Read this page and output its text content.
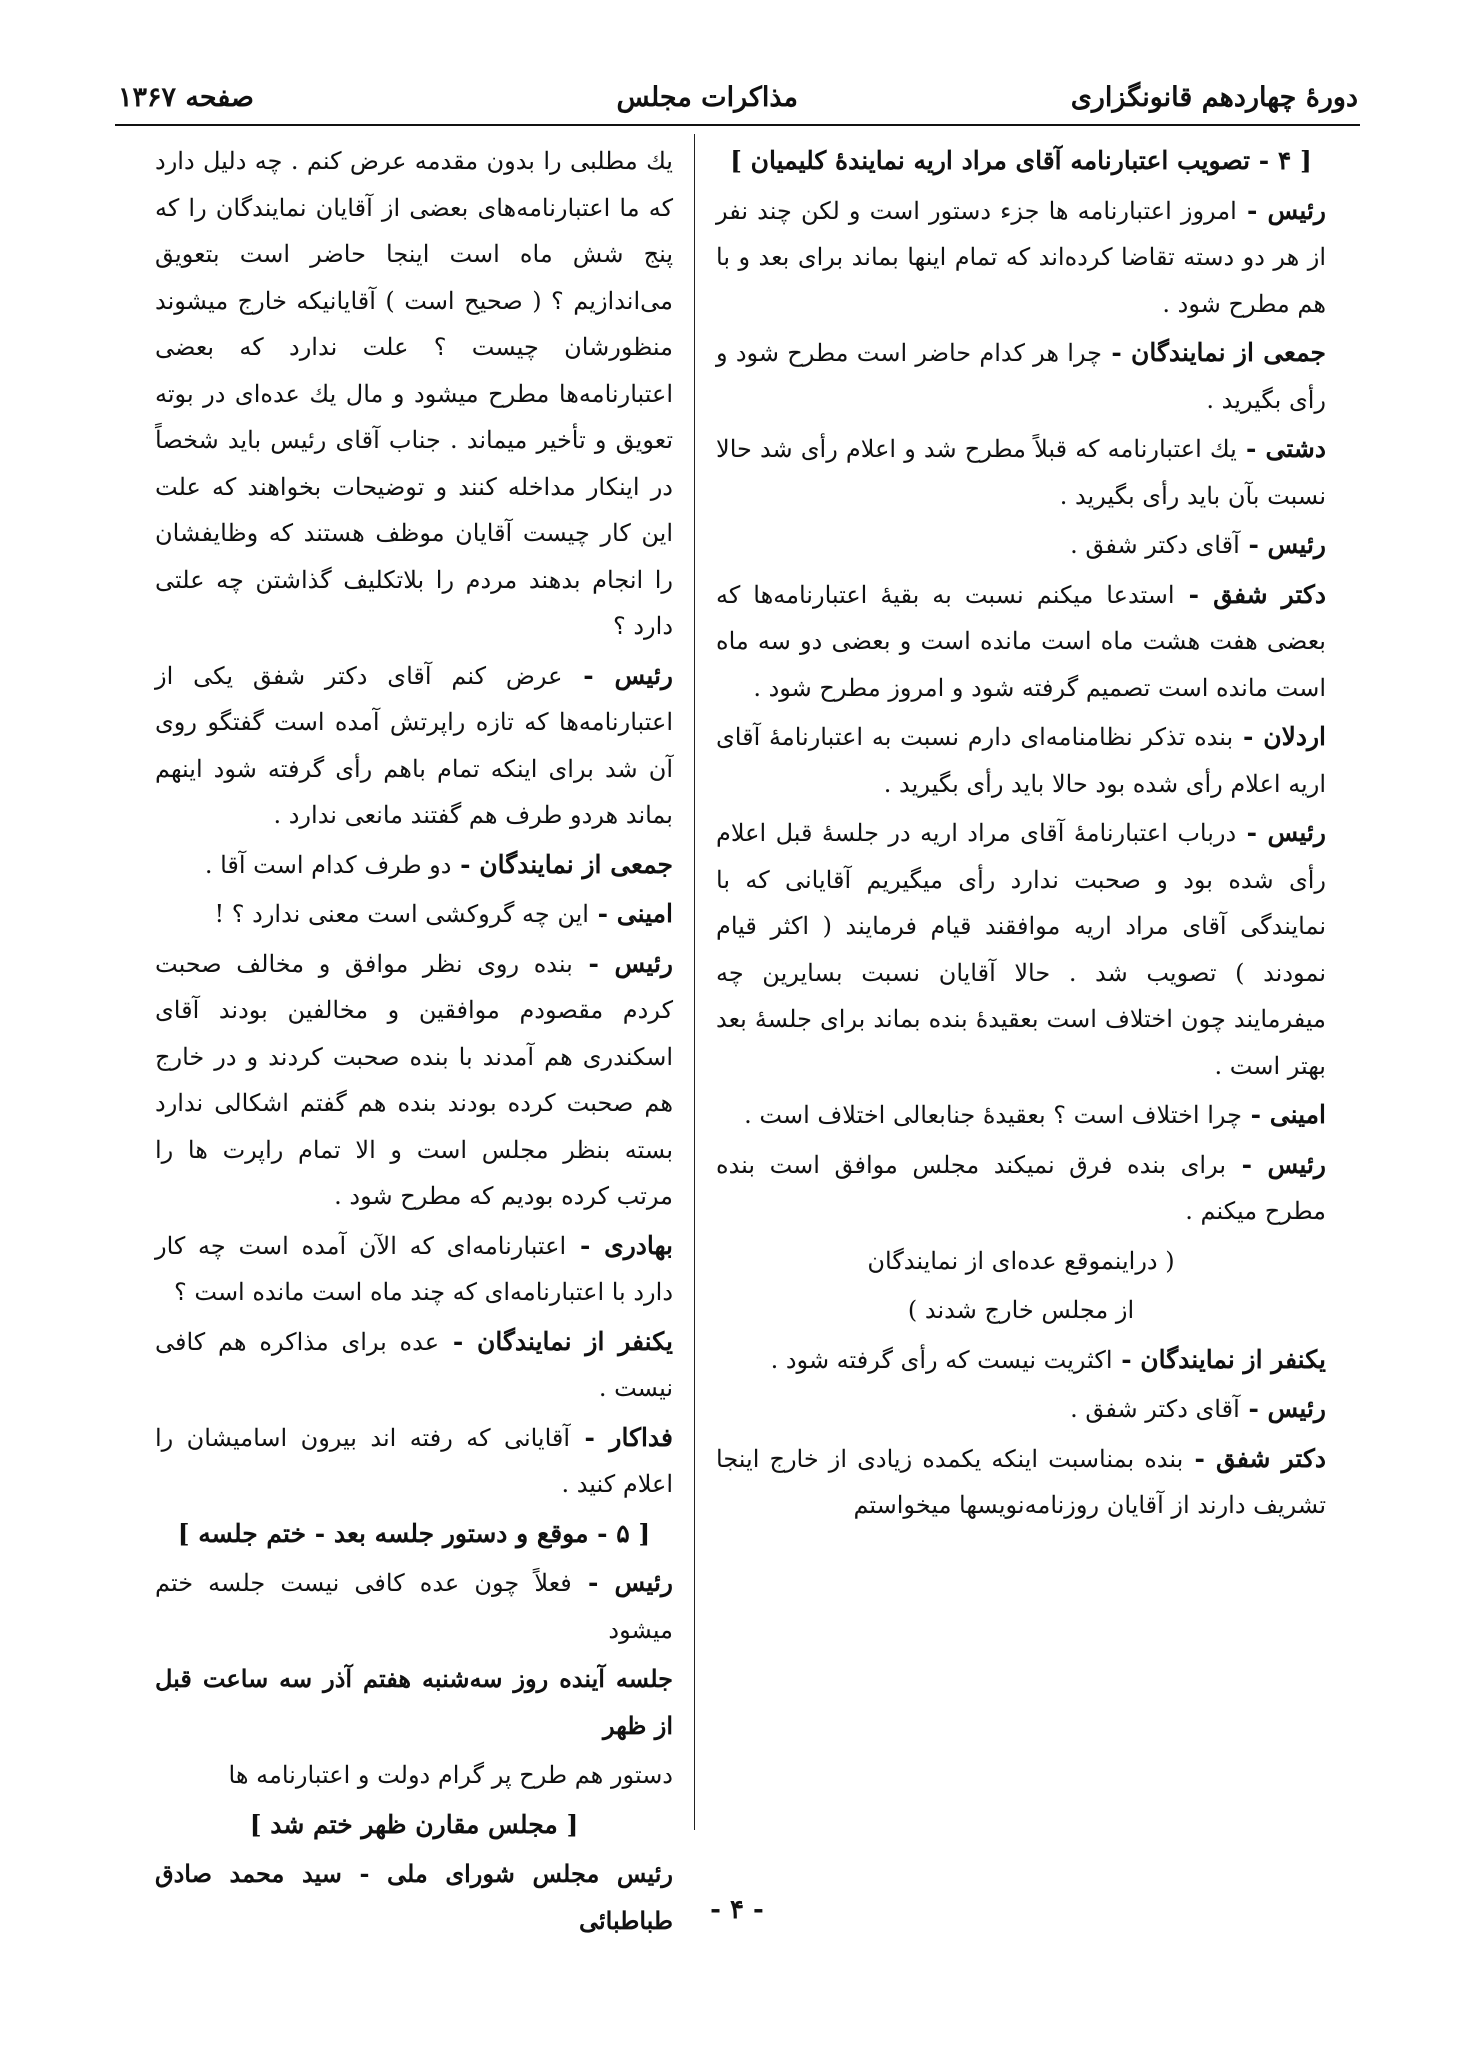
دورهٔ چهاردهم قانونگزاری
مذاکرات مجلس
صفحه ۱۳۶۷

[ ۴ - تصویب اعتبارنامه آقای مراد اریه نمایندهٔ کلیمیان ]

رئیس - امروز اعتبارنامه ها جزء دستور است و لکن چند نفر از هر دو دسته تقاضا کرده‌اند که تمام اینها بماند برای بعد و با هم مطرح شود .

جمعی از نمایندگان - چرا هر کدام حاضر است مطرح شود و رأی بگیرید .

دشتی - یك اعتبارنامه که قبلاً مطرح شد و اعلام رأی شد حالا نسبت بآن باید رأی بگیرید .

رئیس - آقای دکتر شفق .

دکتر شفق - استدعا میکنم نسبت به بقیهٔ اعتبارنامه‌ها که بعضی هفت هشت ماه است مانده است و بعضی دو سه ماه است مانده است تصمیم گرفته شود و امروز مطرح شود .

اردلان - بنده تذکر نظامنامه‌ای دارم نسبت به اعتبارنامهٔ آقای اریه اعلام رأی شده بود حالا باید رأی بگیرید .

رئیس - درباب اعتبارنامهٔ آقای مراد اریه در جلسهٔ قبل اعلام رأی شده بود و صحبت ندارد رأی میگیریم آقایانی که با نمایندگی آقای مراد اریه موافقند قیام فرمایند ( اکثر قیام نمودند ) تصویب شد . حالا آقایان نسبت بسایرین چه میفرمایند چون اختلاف است بعقیدهٔ بنده بماند برای جلسهٔ بعد بهتر است .

امینی - چرا اختلاف است ؟ بعقیدهٔ جنابعالی اختلاف است .

رئیس - برای بنده فرق نمیکند مجلس موافق است بنده مطرح میکنم .

( دراینموقع عده‌ای از نمایندگان

از مجلس خارج شدند )

یکنفر از نمایندگان - اکثریت نیست که رأی گرفته شود .

رئیس - آقای دکتر شفق .

دکتر شفق - بنده بمناسبت اینکه یکمده زیادی از خارج اینجا تشریف دارند از آقایان روزنامه‌نویسها میخواستم

یك مطلبی را بدون مقدمه عرض کنم . چه دلیل دارد که ما اعتبارنامه‌های بعضی از آقایان نمایندگان را که پنج شش ماه است اینجا حاضر است بتعویق می‌اندازیم ؟ ( صحیح است ) آقایانیکه خارج میشوند منظورشان چیست ؟ علت ندارد که بعضی اعتبارنامه‌ها مطرح میشود و مال یك عده‌ای در بوته تعویق و تأخیر میماند . جناب آقای رئیس باید شخصاً در اینکار مداخله کنند و توضیحات بخواهند که علت این کار چیست آقایان موظف هستند که وظایفشان را انجام بدهند مردم را بلاتکلیف گذاشتن چه علتی دارد ؟

رئیس - عرض کنم آقای دکتر شفق یکی از اعتبارنامه‌ها که تازه راپرتش آمده است گفتگو روی آن شد برای اینکه تمام باهم رأی گرفته شود اینهم بماند هردو طرف هم گفتند مانعی ندارد .

جمعی از نمایندگان - دو طرف کدام است آقا .

امینی - این چه گروکشی است معنی ندارد ؟ !

رئیس - بنده روی نظر موافق و مخالف صحبت کردم مقصودم موافقین و مخالفین بودند آقای اسکندری هم آمدند با بنده صحبت کردند و در خارج هم صحبت کرده بودند بنده هم گفتم اشکالی ندارد بسته بنظر مجلس است و الا تمام راپرت ها را مرتب کرده بودیم که مطرح شود .

بهادری - اعتبارنامه‌ای که الآن آمده است چه کار دارد با اعتبارنامه‌ای که چند ماه است مانده است ؟

یکنفر از نمایندگان - عده برای مذاکره هم کافی نیست .

فداکار - آقایانی که رفته اند بیرون اسامیشان را اعلام کنید .

[ ۵ - موقع و دستور جلسه بعد - ختم جلسه ]

رئیس - فعلاً چون عده کافی نیست جلسه ختم میشود

جلسه آینده روز سه‌شنبه هفتم آذر سه ساعت قبل از ظهر

دستور هم طرح پر گرام دولت و اعتبارنامه ها

[ مجلس مقارن ظهر ختم شد ]

رئیس مجلس شورای ملی - سید محمد صادق طباطبائی	- ۴ -
